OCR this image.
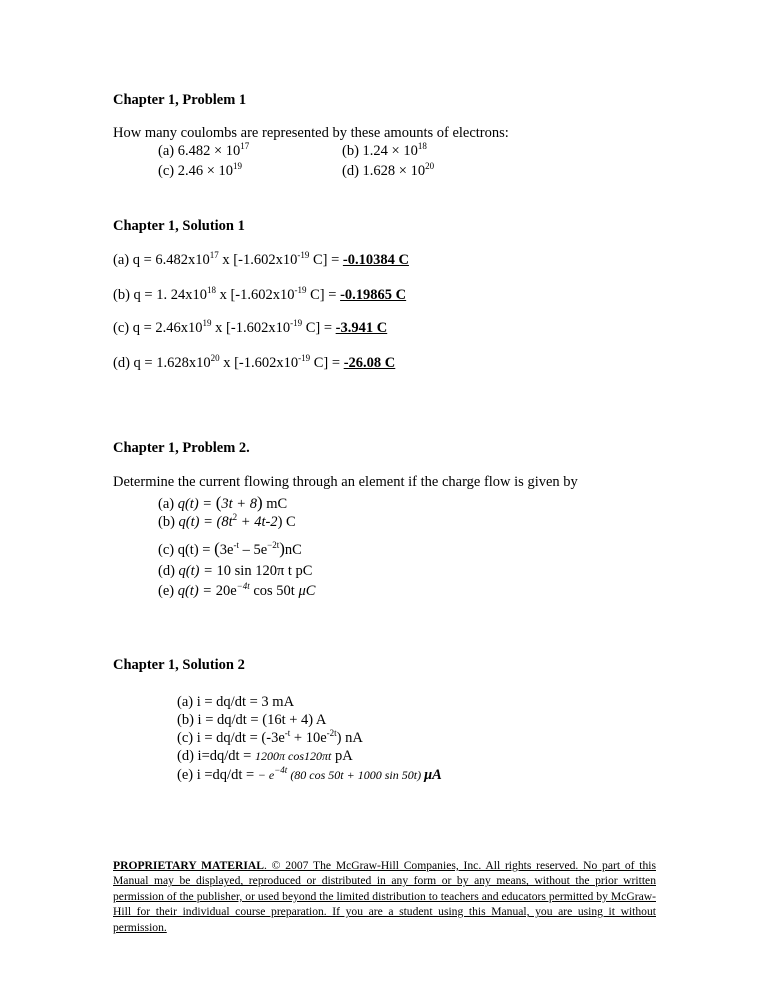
Chapter 1, Problem 1
How many coulombs are represented by these amounts of electrons:
(a) $6.482 \times 10^{17}$	(b) $1.24 \times 10^{18}$
(c) $2.46 \times 10^{19}$	(d) $1.628 \times 10^{20}$
Chapter 1, Solution 1
(a) $q = 6.482x10^{17}$ x [$-1.602x10^{-19}$ C] = -0.10384 C
(b) q = 1. $24x10^{18}$ x [$-1.602x10^{-19}$ C] = -0.19865 C
(c) $q = 2.46x10^{19}$ x [$-1.602x10^{-19}$ C] = -3.941 C
(d) $q = 1.628x10^{20}$ x [$-1.602x10^{-19}$ C] = -26.08 C
Chapter 1, Problem 2.
Determine the current flowing through an element if the charge flow is given by
(a) q(t) = (3t + 8) mC
(b) $q(t) = (8t^2 + 4t-2)$ C
(c) $q(t) = (3e^{-t} - 5e^{-2t})nC$
(d) q(t) = 10 sin 120π t pC
(e) $q(t) = 20e^{-4t}$ cos 50t μC
Chapter 1, Solution 2
(a) i = dq/dt = 3 mA
(b) i = dq/dt = (16t + 4) A
(c) $i = dq/dt = (-3e^{-t} + 10e^{-2t})$ nA
(d) i=dq/dt = 1200π cos120πt pA
(e) i =dq/dt = − $e^{-4t}$ (80 cos 50t + 1000 sin 50t) μA
PROPRIETARY MATERIAL. © 2007 The McGraw-Hill Companies, Inc. All rights reserved. No part of this Manual may be displayed, reproduced or distributed in any form or by any means, without the prior written permission of the publisher, or used beyond the limited distribution to teachers and educators permitted by McGraw-Hill for their individual course preparation. If you are a student using this Manual, you are using it without permission.
